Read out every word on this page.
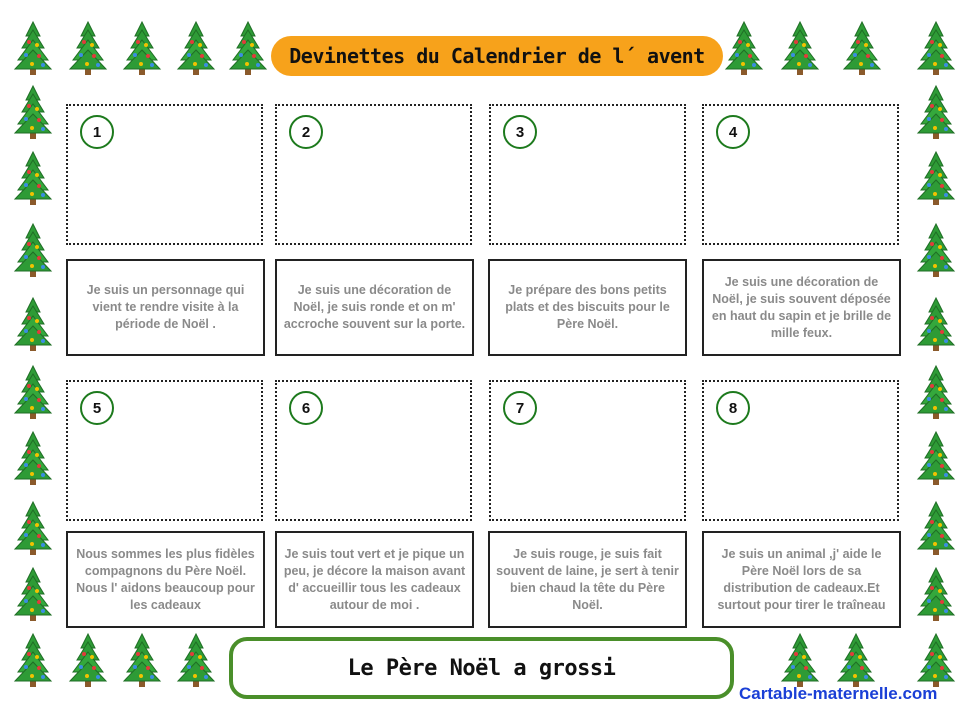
Devinettes du Calendrier de l´ avent
1	2	3	4
Je suis un personnage qui vient te rendre visite à la période de Noël .
Je suis une décoration de Noël, je suis ronde et on m' accroche souvent sur la porte.
Je prépare des bons petits plats et des biscuits pour le Père Noël.
Je suis une décoration de Noël, je suis souvent déposée en haut du sapin et je brille de mille feux.
5	6	7	8
Nous sommes les plus fidèles compagnons du Père Noël. Nous l' aidons beaucoup pour les cadeaux
Je suis tout vert et je pique un peu, je décore la maison avant d' accueillir tous les cadeaux autour de moi .
Je suis rouge, je suis fait souvent de laine, je sert à tenir bien chaud la tête du Père Noël.
Je suis un animal ,j' aide le Père Noël lors de sa distribution de cadeaux.Et surtout pour tirer le traîneau
Le Père Noël a grossi
Cartable-maternelle.com
